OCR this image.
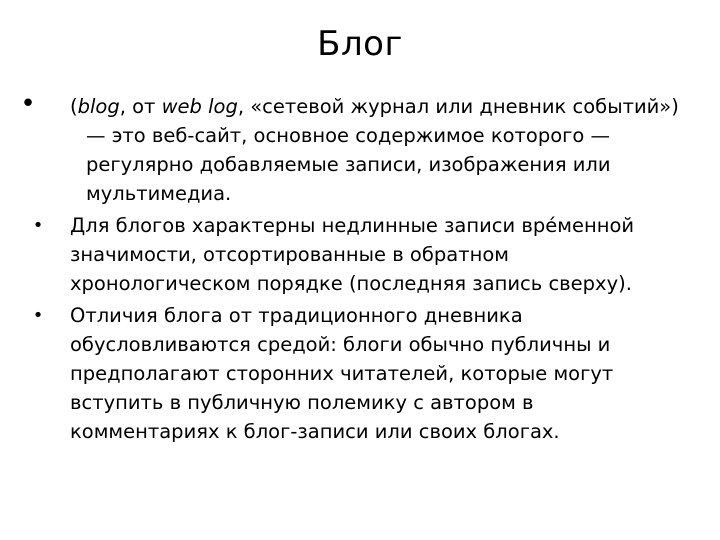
Блог
•	(blog, от web log, «сетевой журнал или дневник событий») — это веб-сайт, основное содержимое которого — регулярно добавляемые записи, изображения или мультимедиа.
• Для блогов характерны недлинные записи вре́менной значимости, отсортированные в обратном хронологическом порядке (последняя запись сверху).
• Отличия блога от традиционного дневника обусловливаются средой: блоги обычно публичны и предполагают сторонних читателей, которые могут вступить в публичную полемику с автором в комментариях к блог-записи или своих блогах.
